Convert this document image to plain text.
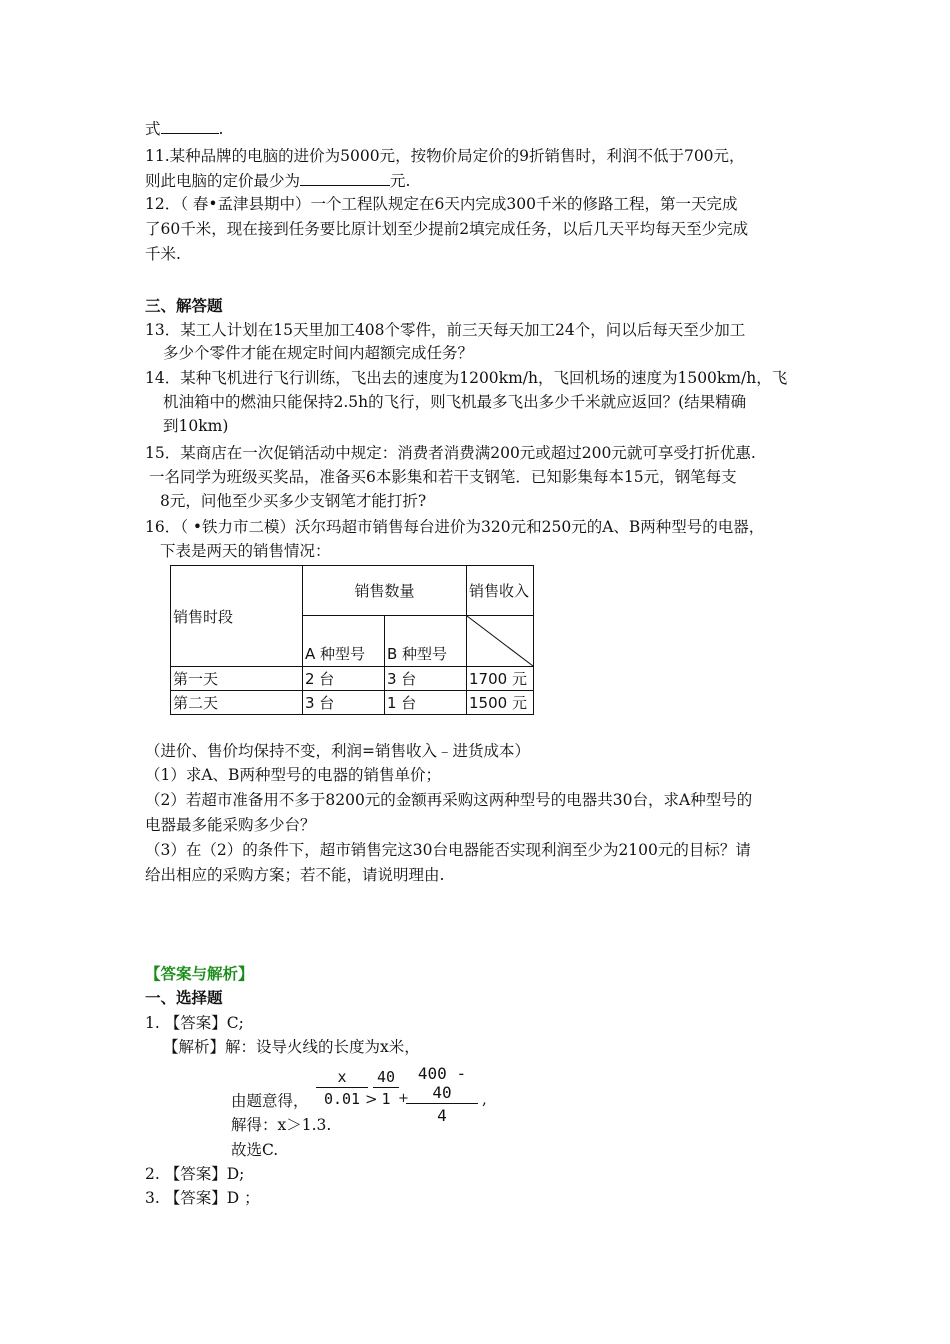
式	.
11.某种品牌的电脑的进价为5000元，按物价局定价的9折销售时，利润不低于700元，
则此电脑的定价最少为	元.
12．（ 春•孟津县期中）一个工程队规定在6天内完成300千米的修路工程，第一天完成
了60千米，现在接到任务要比原计划至少提前2填完成任务，以后几天平均每天至少完成
千米.
三、解答题
13．某工人计划在15天里加工408个零件，前三天每天加工24个，问以后每天至少加工
多少个零件才能在规定时间内超额完成任务？
14．某种飞机进行飞行训练，飞出去的速度为1200km/h，飞回机场的速度为1500km/h，飞
机油箱中的燃油只能保持2.5h的飞行，则飞机最多飞出多少千米就应返回？(结果精确
到10km)
15．某商店在一次促销活动中规定：消费者消费满200元或超过200元就可享受打折优惠.
一名同学为班级买奖品，准备买6本影集和若干支钢笔．已知影集每本15元，钢笔每支
8元，问他至少买多少支钢笔才能打折?
16．（ •铁力市二模）沃尔玛超市销售每台进价为320元和250元的A、B两种型号的电器，
下表是两天的销售情况：
销售时段	销售数量		销售收入
	A 种型号	B 种型号	

第一天	2 台	3 台	1700 元
第二天	3 台	1 台	1500 元
（进价、售价均保持不变，利润=销售收入﹣进货成本）
（1）求A、B两种型号的电器的销售单价；
（2）若超市准备用不多于8200元的金额再采购这两种型号的电器共30台，求A种型号的
电器最多能采购多少台？
（3）在（2）的条件下，超市销售完这30台电器能否实现利润至少为2100元的目标？请
给出相应的采购方案；若不能，请说明理由.
【答案与解析】
一、选择题
1. 【答案】C;
【解析】解：设导火线的长度为x米，
由题意得， $\frac{x}{0.01}$
>
$\frac{40}{1}$ +
$\frac{400 - 40}{4}$ ,
解得：x＞1.3.
故选C.
2. 【答案】D;
3. 【答案】D ；
